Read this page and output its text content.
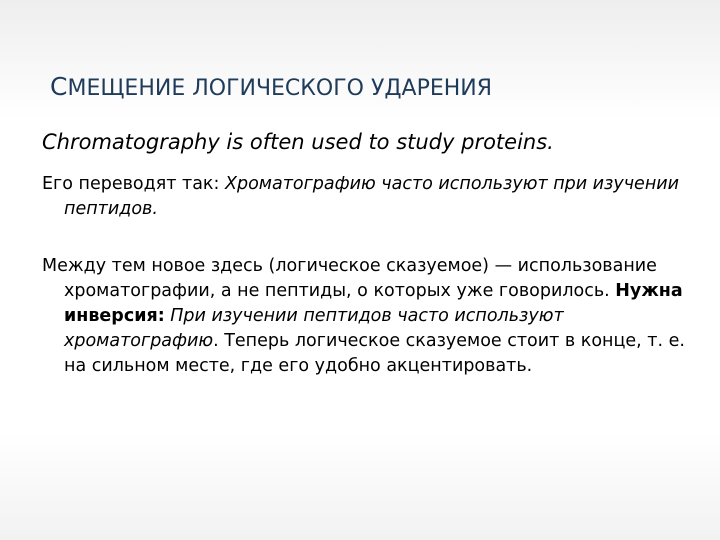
СМЕЩЕНИЕ ЛОГИЧЕСКОГО УДАРЕНИЯ

Chromatography is often used to study proteins.

Его переводят так: Хроматографию часто используют при изучении пептидов.

Между тем новое здесь (логическое сказуемое) — использование хроматографии, а не пептиды, о которых уже говорилось. Нужна инверсия: При изучении пептидов часто используют хроматографию. Теперь логическое сказуемое стоит в конце, т. е. на сильном месте, где его удобно акцентировать.
